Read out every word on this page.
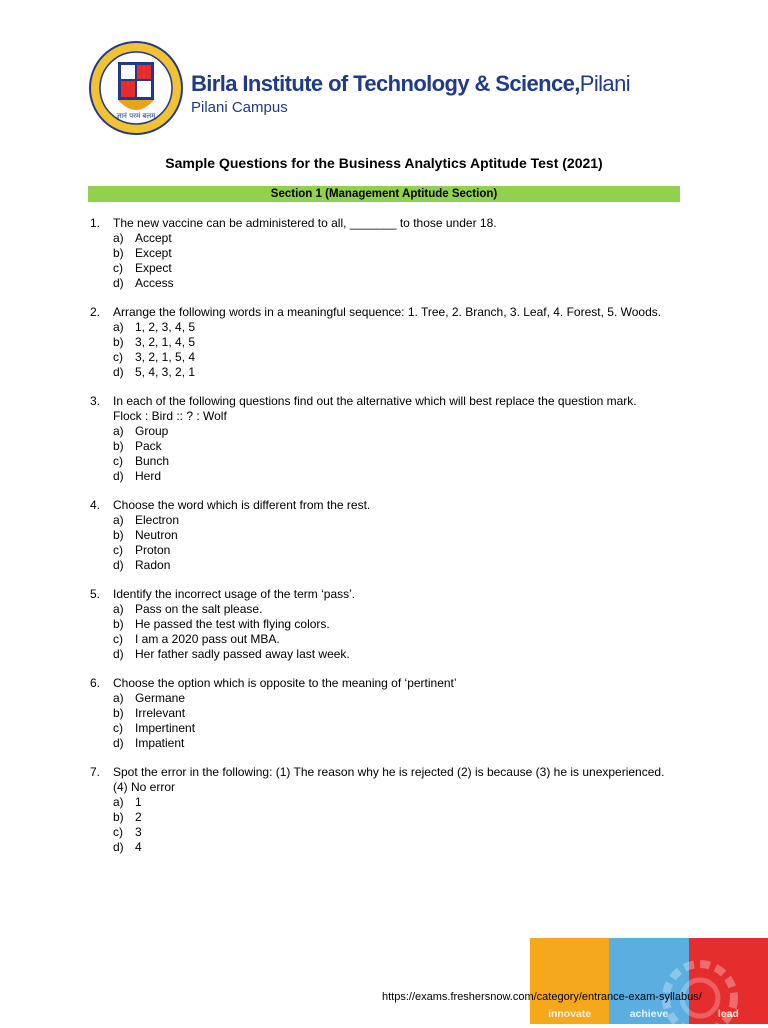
ज्ञानं परमं बलम्
Birla Institute of Technology & Science,Pilani
Pilani Campus
Sample Questions for the Business Analytics Aptitude Test (2021)
Section 1 (Management Aptitude Section)
1.	The new vaccine can be administered to all, _______ to those under 18.
a) Accept
b) Except
c)	Expect
d) Access
2.	Arrange the following words in a meaningful sequence: 1. Tree, 2. Branch, 3. Leaf, 4. Forest, 5. Woods.
a) 1, 2, 3, 4, 5
b) 3, 2, 1, 4, 5
c)	3, 2, 1, 5, 4
d) 5, 4, 3, 2, 1
3.	In each of the following questions find out the alternative which will best replace the question mark.
Flock : Bird :: ? : Wolf
a) Group
b) Pack
c)	Bunch
d) Herd
4.	Choose the word which is different from the rest.
a) Electron
b) Neutron
c)	Proton
d) Radon
5.	Identify the incorrect usage of the term ‘pass’.
a) Pass on the salt please.
b) He passed the test with flying colors.
c)	I am a 2020 pass out MBA.
d) Her father sadly passed away last week.
6.	Choose the option which is opposite to the meaning of ‘pertinent’
a) Germane
b) Irrelevant
c)	Impertinent
d) Impatient
7.	Spot the error in the following: (1) The reason why he is rejected (2) is because (3) he is unexperienced.
(4) No error
a) 1
b) 2
c)	3
d) 4
innovate	achieve	lead
https://exams.freshersnow.com/category/entrance-exam-syllabus/
